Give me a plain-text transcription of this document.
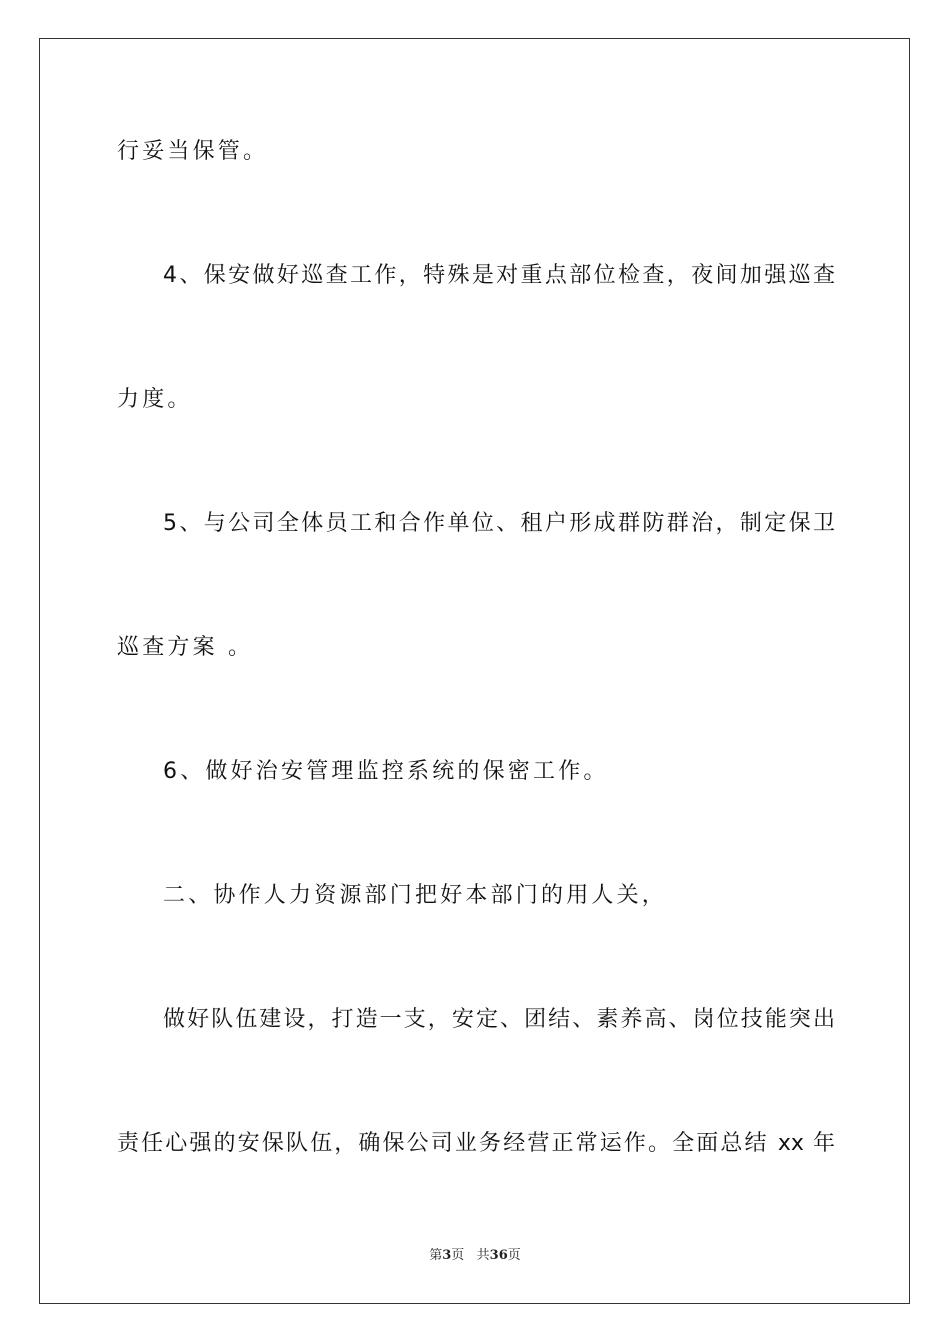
行妥当保管。
4、保安做好巡查工作，特殊是对重点部位检查，夜间加强巡查
力度。
5、与公司全体员工和合作单位、租户形成群防群治，制定保卫
巡查方案 。
6、做好治安管理监控系统的保密工作。
二、协作人力资源部门把好本部门的用人关，
做好队伍建设，打造一支，安定、团结、素养高、岗位技能突出
责任心强的安保队伍，确保公司业务经营正常运作。全面总结 xx 年
第3页   共36页
